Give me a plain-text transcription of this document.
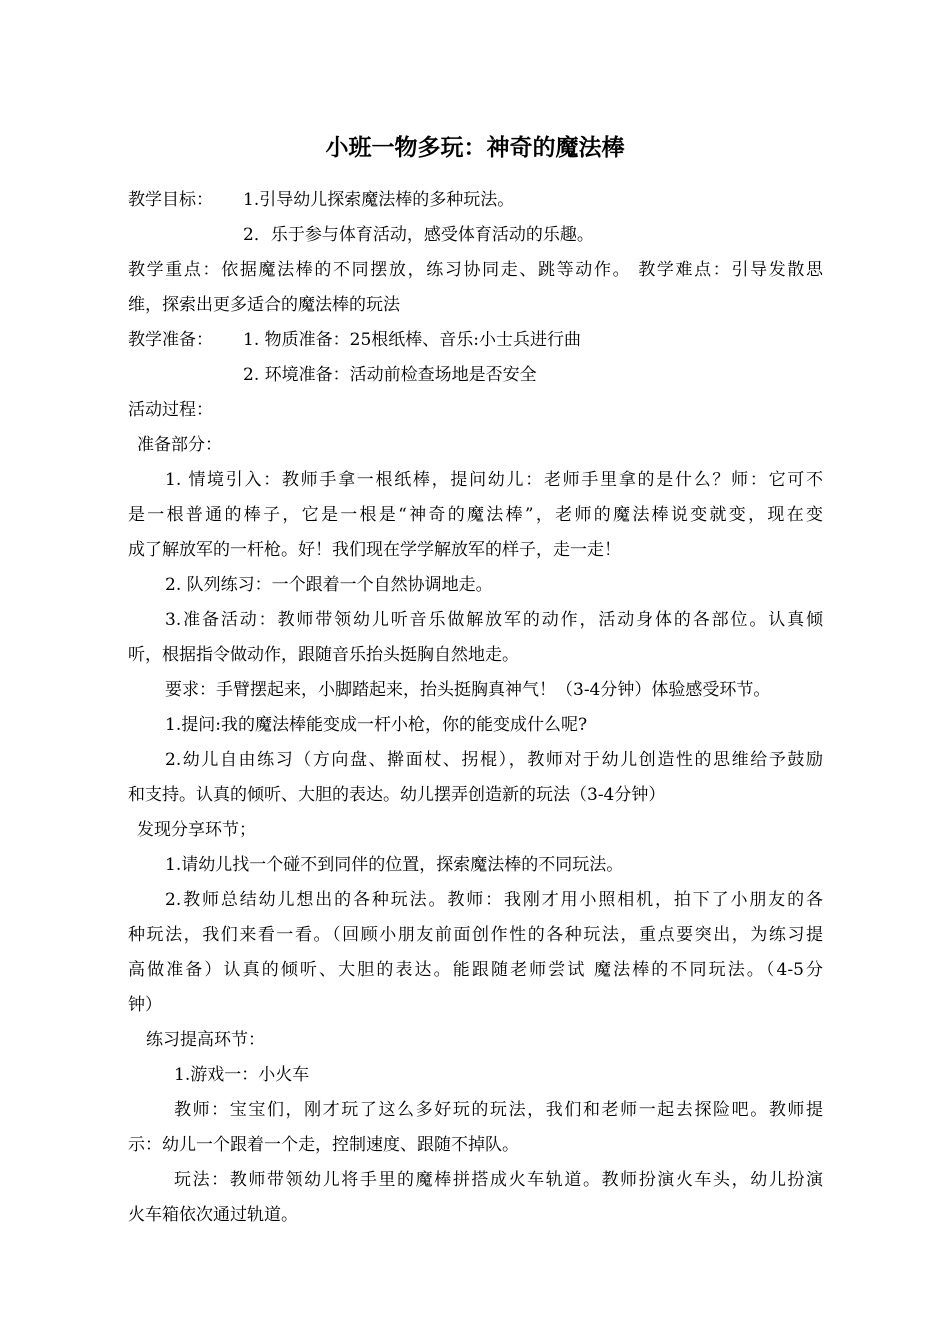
小班一物多玩：神奇的魔法棒
教学目标： 1.引导幼儿探索魔法棒的多种玩法。
2．乐于参与体育活动，感受体育活动的乐趣。
教学重点：依据魔法棒的不同摆放，练习协同走、跳等动作。 教学难点：引导发散思
维，探索出更多适合的魔法棒的玩法
教学准备： 1. 物质准备：25根纸棒、音乐:小士兵进行曲
2. 环境准备：活动前检查场地是否安全
活动过程：
准备部分：
1. 情境引入：教师手拿一根纸棒，提问幼儿：老师手里拿的是什么？师：它可不
是一根普通的棒子，它是一根是“神奇的魔法棒”，老师的魔法棒说变就变，现在变
成了解放军的一杆枪。好！我们现在学学解放军的样子，走一走！
2. 队列练习：一个跟着一个自然协调地走。
3.准备活动：教师带领幼儿听音乐做解放军的动作，活动身体的各部位。认真倾
听，根据指令做动作，跟随音乐抬头挺胸自然地走。
要求：手臂摆起来，小脚踏起来，抬头挺胸真神气！（3-4分钟）体验感受环节。
1.提问:我的魔法棒能变成一杆小枪，你的能变成什么呢?
2.幼儿自由练习（方向盘、擀面杖、拐棍），教师对于幼儿创造性的思维给予鼓励
和支持。认真的倾听、大胆的表达。幼儿摆弄创造新的玩法（3-4分钟）
发现分享环节；
1.请幼儿找一个碰不到同伴的位置，探索魔法棒的不同玩法。
2.教师总结幼儿想出的各种玩法。教师：我刚才用小照相机，拍下了小朋友的各
种玩法，我们来看一看。（回顾小朋友前面创作性的各种玩法，重点要突出，为练习提
高做准备）认真的倾听、大胆的表达。能跟随老师尝试 魔法棒的不同玩法。（4-5分
钟）
练习提高环节：
1.游戏一：小火车
教师：宝宝们，刚才玩了这么多好玩的玩法，我们和老师一起去探险吧。教师提
示：幼儿一个跟着一个走，控制速度、跟随不掉队。
玩法：教师带领幼儿将手里的魔棒拼搭成火车轨道。教师扮演火车头，幼儿扮演
火车箱依次通过轨道。
